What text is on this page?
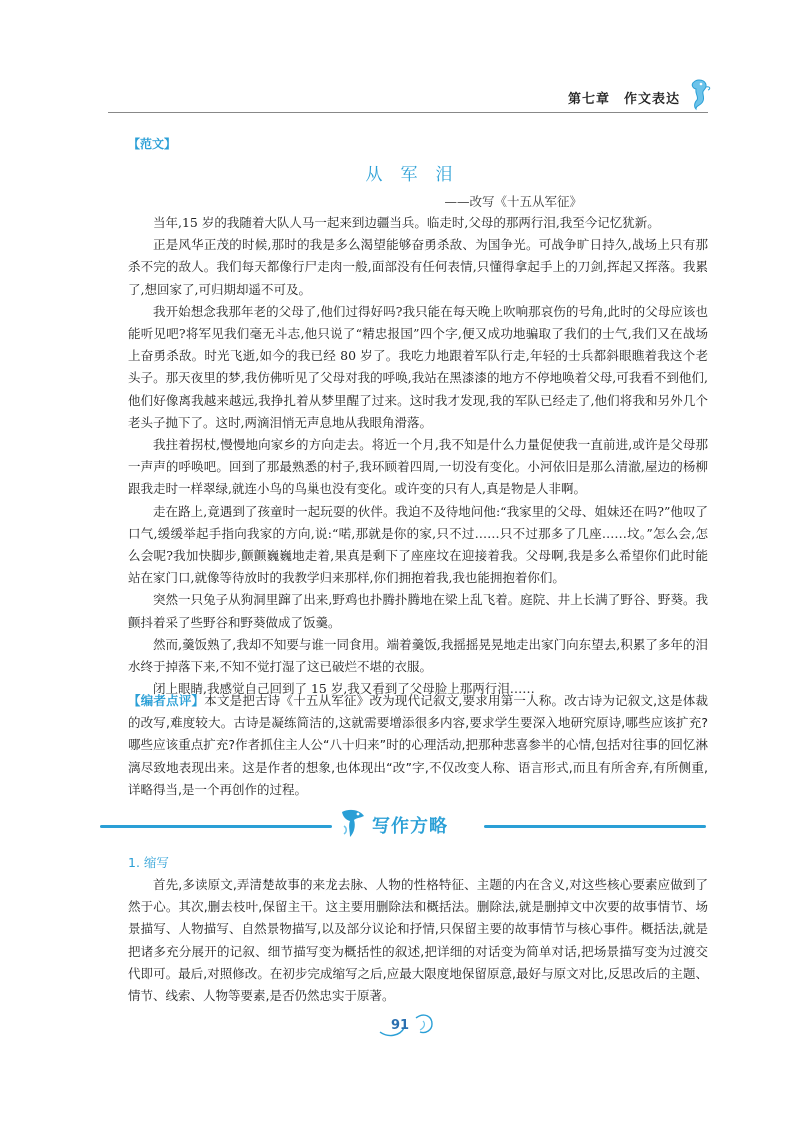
第七章　作文表达
【范文】
从军泪
——改写《十五从军征》

当年,15 岁的我随着大队人马一起来到边疆当兵。临走时,父母的那两行泪,我至今记忆犹新。

正是风华正茂的时候,那时的我是多么渴望能够奋勇杀敌、为国争光。可战争旷日持久,战场上只有那杀不完的敌人。我们每天都像行尸走肉一般,面部没有任何表情,只懂得拿起手上的刀剑,挥起又挥落。我累了,想回家了,可归期却遥不可及。

我开始想念我那年老的父母了,他们过得好吗?我只能在每天晚上吹响那哀伤的号角,此时的父母应该也能听见吧?将军见我们毫无斗志,他只说了“精忠报国”四个字,便又成功地骗取了我们的士气,我们又在战场上奋勇杀敌。时光飞逝,如今的我已经 80 岁了。我吃力地跟着军队行走,年轻的士兵都斜眼瞧着我这个老头子。那天夜里的梦,我仿佛听见了父母对我的呼唤,我站在黑漆漆的地方不停地唤着父母,可我看不到他们,他们好像离我越来越远,我挣扎着从梦里醒了过来。这时我才发现,我的军队已经走了,他们将我和另外几个老头子抛下了。这时,两滴泪悄无声息地从我眼角滑落。

我拄着拐杖,慢慢地向家乡的方向走去。将近一个月,我不知是什么力量促使我一直前进,或许是父母那一声声的呼唤吧。回到了那最熟悉的村子,我环顾着四周,一切没有变化。小河依旧是那么清澈,屋边的杨柳跟我走时一样翠绿,就连小鸟的鸟巢也没有变化。或许变的只有人,真是物是人非啊。

走在路上,竟遇到了孩童时一起玩耍的伙伴。我迫不及待地问他:“我家里的父母、姐妹还在吗?”他叹了口气,缓缓举起手指向我家的方向,说:“喏,那就是你的家,只不过……只不过那多了几座……坟。”怎么会,怎么会呢?我加快脚步,颤颤巍巍地走着,果真是剩下了座座坟在迎接着我。父母啊,我是多么希望你们此时能站在家门口,就像等待放时的我教学归来那样,你们拥抱着我,我也能拥抱着你们。

突然一只兔子从狗洞里蹿了出来,野鸡也扑腾扑腾地在梁上乱飞着。庭院、井上长满了野谷、野葵。我颤抖着采了些野谷和野葵做成了饭羹。

然而,羹饭熟了,我却不知要与谁一同食用。端着羹饭,我摇摇晃晃地走出家门向东望去,积累了多年的泪水终于掉落下来,不知不觉打湿了这已破烂不堪的衣服。

闭上眼睛,我感觉自己回到了 15 岁,我又看到了父母脸上那两行泪……

【编者点评】本文是把古诗《十五从军征》改为现代记叙文,要求用第一人称。改古诗为记叙文,这是体裁的改写,难度较大。古诗是凝练简洁的,这就需要增添很多内容,要求学生要深入地研究原诗,哪些应该扩充?哪些应该重点扩充?作者抓住主人公“八十归来”时的心理活动,把那种悲喜参半的心情,包括对往事的回忆淋漓尽致地表现出来。这是作者的想象,也体现出“改”字,不仅改变人称、语言形式,而且有所舍弃,有所侧重,详略得当,是一个再创作的过程。
写作方略
1. 缩写

首先,多读原文,弄清楚故事的来龙去脉、人物的性格特征、主题的内在含义,对这些核心要素应做到了然于心。其次,删去枝叶,保留主干。这主要用删除法和概括法。删除法,就是删掉文中次要的故事情节、场景描写、人物描写、自然景物描写,以及部分议论和抒情,只保留主要的故事情节与核心事件。概括法,就是把诸多充分展开的记叙、细节描写变为概括性的叙述,把详细的对话变为简单对话,把场景描写变为过渡交代即可。最后,对照修改。在初步完成缩写之后,应最大限度地保留原意,最好与原文对比,反思改后的主题、情节、线索、人物等要素,是否仍然忠实于原著。

91
